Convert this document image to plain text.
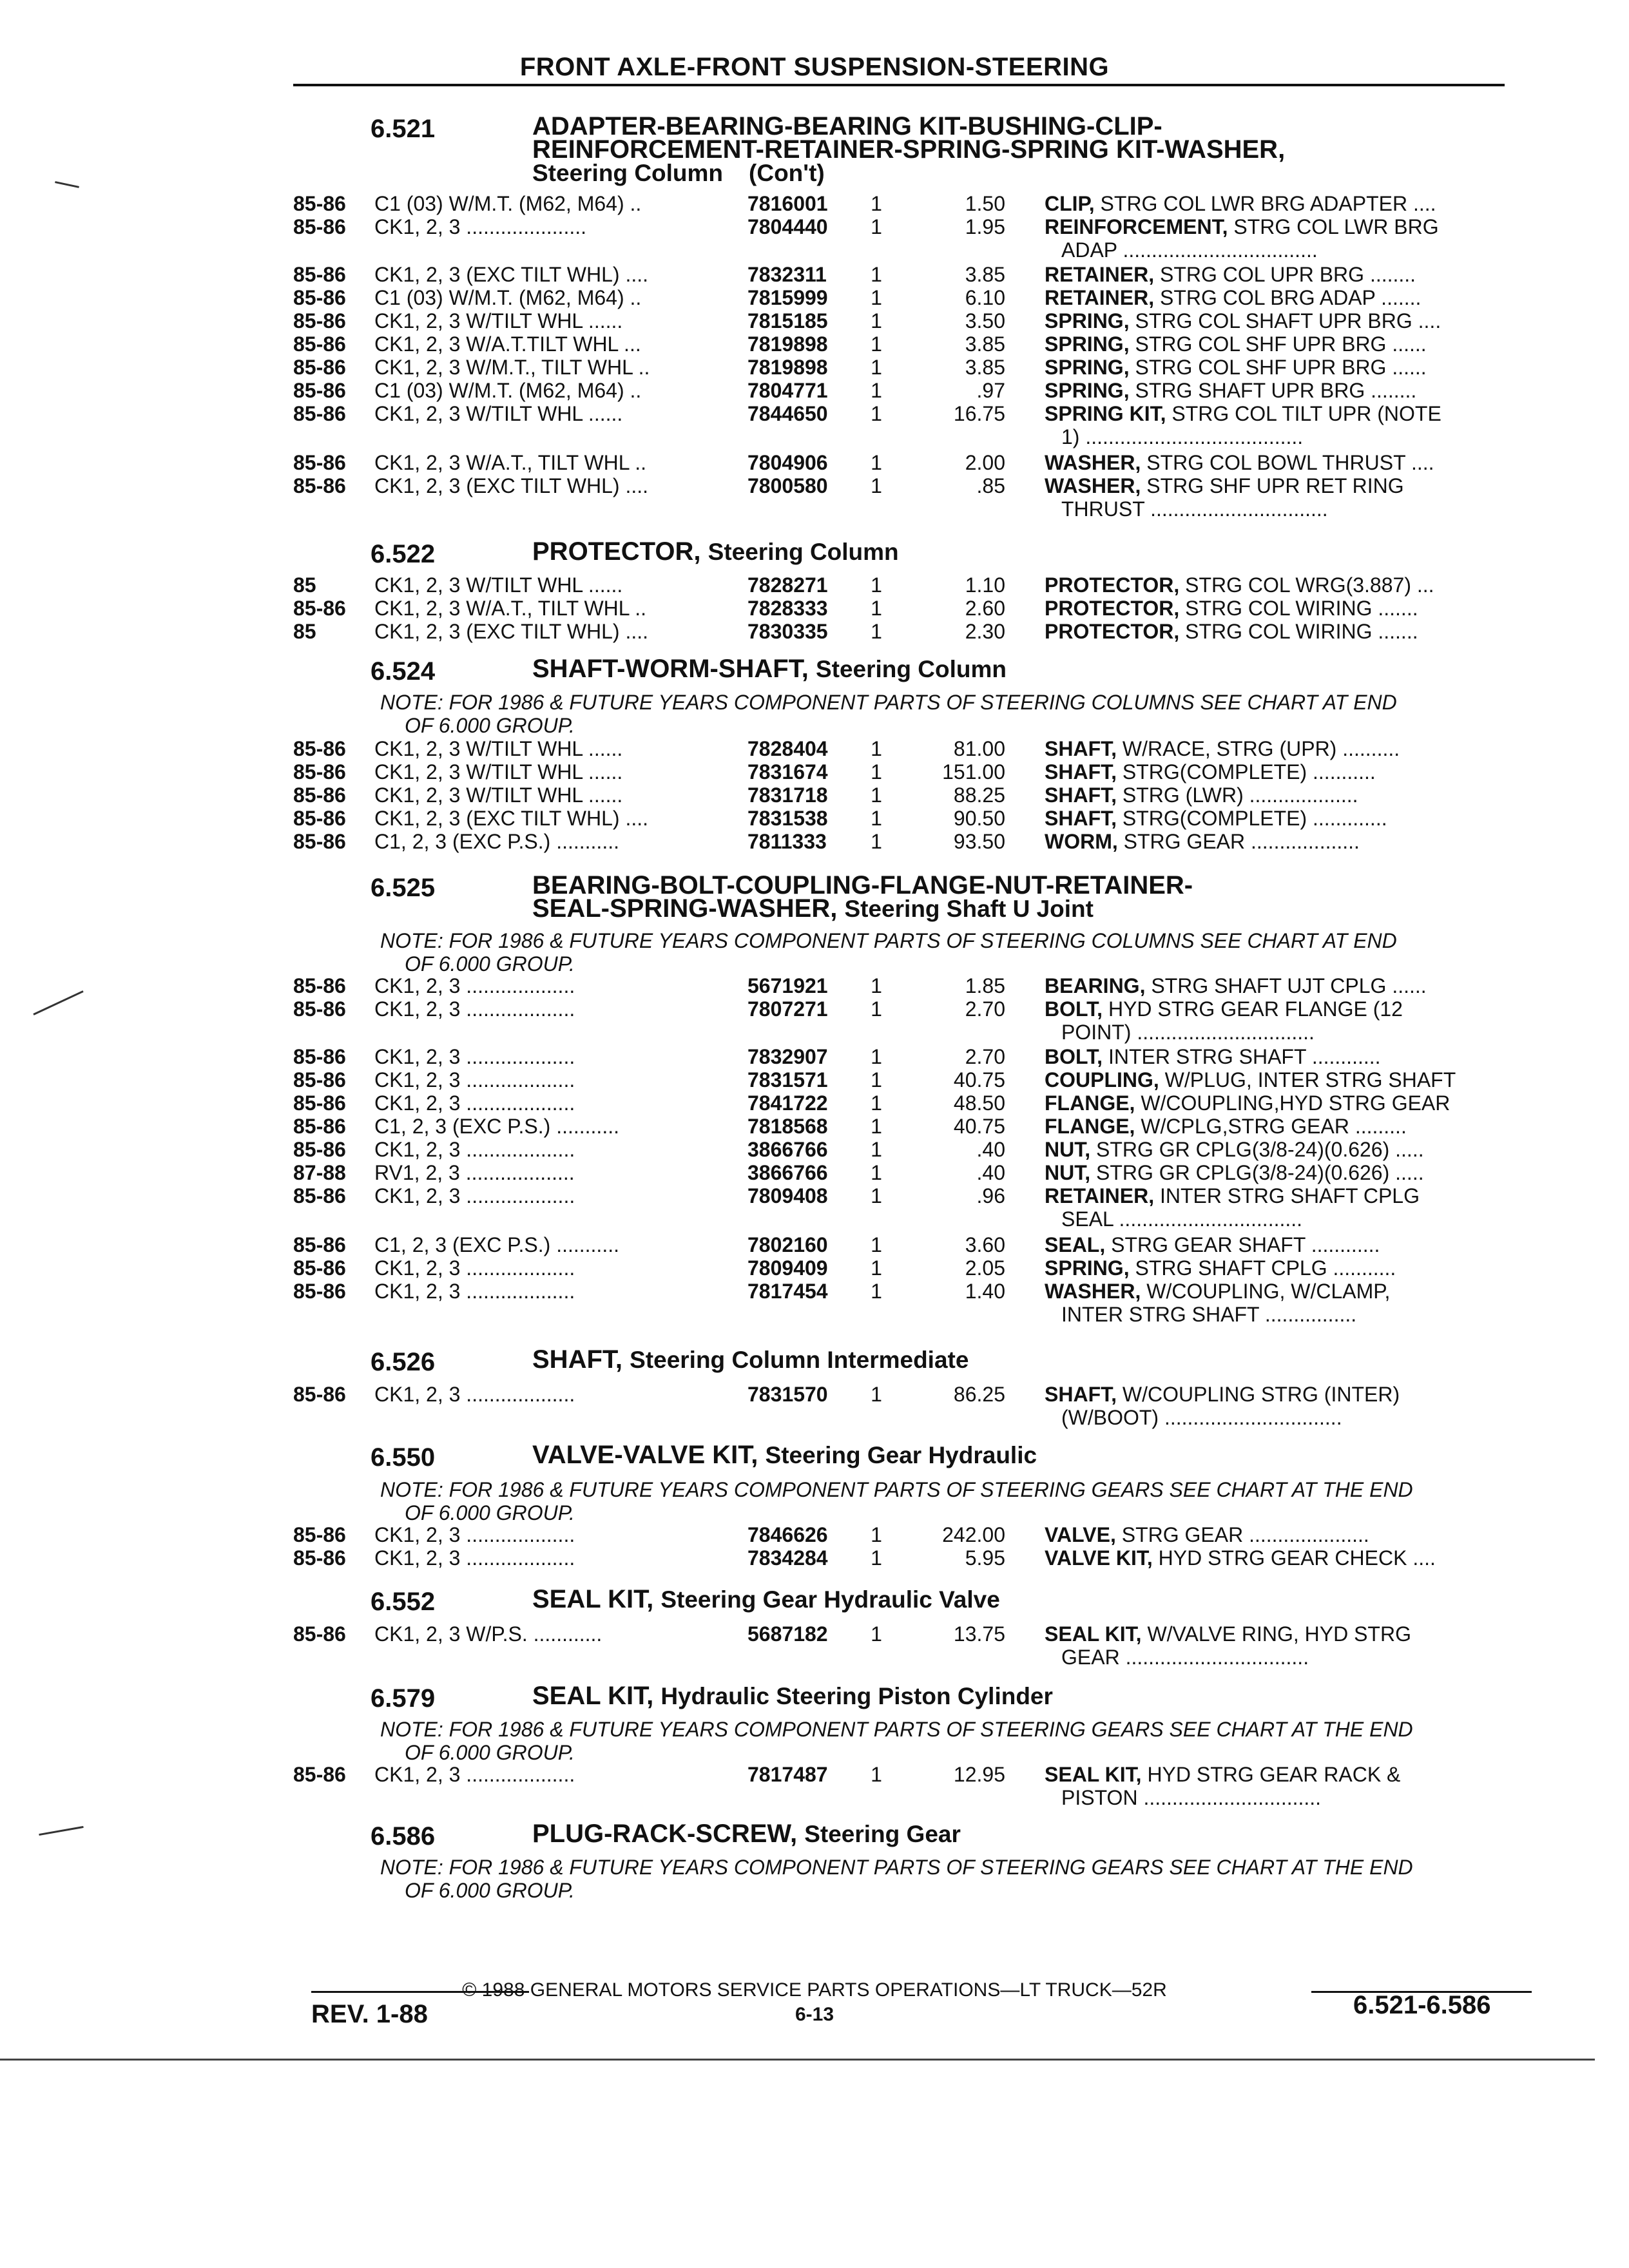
FRONT AXLE-FRONT SUSPENSION-STEERING
6.521	ADAPTER-BEARING-BEARING KIT-BUSHING-CLIP-
REINFORCEMENT-RETAINER-SPRING-SPRING KIT-WASHER,
Steering Column (Con't)
85-86 C1 (03) W/M.T. (M62, M64) ..	7816001 1	1.50 CLIP, STRG COL LWR BRG ADAPTER ....
85-86 CK1, 2, 3 .....................	7804440 1	1.95 REINFORCEMENT, STRG COL LWR BRG
ADAP ..................................
85-86 CK1, 2, 3 (EXC TILT WHL) ....	7832311 1	3.85 RETAINER, STRG COL UPR BRG ........
85-86 C1 (03) W/M.T. (M62, M64) ..	7815999 1	6.10 RETAINER, STRG COL BRG ADAP .......
85-86 CK1, 2, 3 W/TILT WHL ......	7815185 1	3.50 SPRING, STRG COL SHAFT UPR BRG ....
85-86 CK1, 2, 3 W/A.T.TILT WHL ...	7819898 1	3.85 SPRING, STRG COL SHF UPR BRG ......
85-86 CK1, 2, 3 W/M.T., TILT WHL ..	7819898 1	3.85 SPRING, STRG COL SHF UPR BRG ......
85-86 C1 (03) W/M.T. (M62, M64) ..	7804771 1	.97 SPRING, STRG SHAFT UPR BRG ........
85-86 CK1, 2, 3 W/TILT WHL ......	7844650 1	16.75 SPRING KIT, STRG COL TILT UPR (NOTE
1) ......................................
85-86 CK1, 2, 3 W/A.T., TILT WHL ..	7804906 1	2.00 WASHER, STRG COL BOWL THRUST ....
85-86 CK1, 2, 3 (EXC TILT WHL) ....	7800580 1	.85 WASHER, STRG SHF UPR RET RING
THRUST ...............................
6.522	PROTECTOR, Steering Column
85	CK1, 2, 3 W/TILT WHL ......	7828271 1	1.10 PROTECTOR, STRG COL WRG(3.887) ...
85-86 CK1, 2, 3 W/A.T., TILT WHL ..	7828333 1	2.60 PROTECTOR, STRG COL WIRING .......
85	CK1, 2, 3 (EXC TILT WHL) ....	7830335 1	2.30 PROTECTOR, STRG COL WIRING .......
6.524	SHAFT-WORM-SHAFT, Steering Column
NOTE: FOR 1986 & FUTURE YEARS COMPONENT PARTS OF STEERING COLUMNS SEE CHART AT END
OF 6.000 GROUP.
85-86 CK1, 2, 3 W/TILT WHL ......	7828404 1	81.00 SHAFT, W/RACE, STRG (UPR) ..........
85-86 CK1, 2, 3 W/TILT WHL ......	7831674 1	151.00 SHAFT, STRG(COMPLETE) ...........
85-86 CK1, 2, 3 W/TILT WHL ......	7831718 1	88.25 SHAFT, STRG (LWR) ...................
85-86 CK1, 2, 3 (EXC TILT WHL) ....	7831538 1	90.50 SHAFT, STRG(COMPLETE) .............
85-86 C1, 2, 3 (EXC P.S.) ...........	7811333 1	93.50 WORM, STRG GEAR ...................
6.525	BEARING-BOLT-COUPLING-FLANGE-NUT-RETAINER-
SEAL-SPRING-WASHER, Steering Shaft U Joint
NOTE: FOR 1986 & FUTURE YEARS COMPONENT PARTS OF STEERING COLUMNS SEE CHART AT END
OF 6.000 GROUP.
85-86 CK1, 2, 3 ...................	5671921 1	1.85 BEARING, STRG SHAFT UJT CPLG ......
85-86 CK1, 2, 3 ...................	7807271 1	2.70 BOLT, HYD STRG GEAR FLANGE (12
POINT) ...............................
85-86 CK1, 2, 3 ...................	7832907 1	2.70 BOLT, INTER STRG SHAFT ............
85-86 CK1, 2, 3 ...................	7831571 1	40.75 COUPLING, W/PLUG, INTER STRG SHAFT
85-86 CK1, 2, 3 ...................	7841722 1	48.50 FLANGE, W/COUPLING,HYD STRG GEAR
85-86 C1, 2, 3 (EXC P.S.) ...........	7818568 1	40.75 FLANGE, W/CPLG,STRG GEAR .........
85-86 CK1, 2, 3 ...................	3866766 1	.40 NUT, STRG GR CPLG(3/8-24)(0.626) .....
87-88 RV1, 2, 3 ...................	3866766 1	.40 NUT, STRG GR CPLG(3/8-24)(0.626) .....
85-86 CK1, 2, 3 ...................	7809408 1	.96 RETAINER, INTER STRG SHAFT CPLG
SEAL ................................
85-86 C1, 2, 3 (EXC P.S.) ...........	7802160 1	3.60 SEAL, STRG GEAR SHAFT ............
85-86 CK1, 2, 3 ...................	7809409 1	2.05 SPRING, STRG SHAFT CPLG ...........
85-86 CK1, 2, 3 ...................	7817454 1	1.40 WASHER, W/COUPLING, W/CLAMP,
INTER STRG SHAFT ................
6.526	SHAFT, Steering Column Intermediate
85-86 CK1, 2, 3 ...................	7831570 1	86.25 SHAFT, W/COUPLING STRG (INTER)
(W/BOOT) ...............................
6.550	VALVE-VALVE KIT, Steering Gear Hydraulic
NOTE: FOR 1986 & FUTURE YEARS COMPONENT PARTS OF STEERING GEARS SEE CHART AT THE END
OF 6.000 GROUP.
85-86 CK1, 2, 3 ...................	7846626 1	242.00 VALVE, STRG GEAR .....................
85-86 CK1, 2, 3 ...................	7834284 1	5.95 VALVE KIT, HYD STRG GEAR CHECK ....
6.552	SEAL KIT, Steering Gear Hydraulic Valve
85-86 CK1, 2, 3 W/P.S. ............	5687182 1	13.75 SEAL KIT, W/VALVE RING, HYD STRG
GEAR ................................
6.579	SEAL KIT, Hydraulic Steering Piston Cylinder
NOTE: FOR 1986 & FUTURE YEARS COMPONENT PARTS OF STEERING GEARS SEE CHART AT THE END
OF 6.000 GROUP.
85-86 CK1, 2, 3 ...................	7817487 1	12.95 SEAL KIT, HYD STRG GEAR RACK &
PISTON ...............................
6.586	PLUG-RACK-SCREW, Steering Gear
NOTE: FOR 1986 & FUTURE YEARS COMPONENT PARTS OF STEERING GEARS SEE CHART AT THE END
OF 6.000 GROUP.
© 1988 GENERAL MOTORS SERVICE PARTS OPERATIONS—LT TRUCK—52R
6-13
REV. 1-88	6.521-6.586
